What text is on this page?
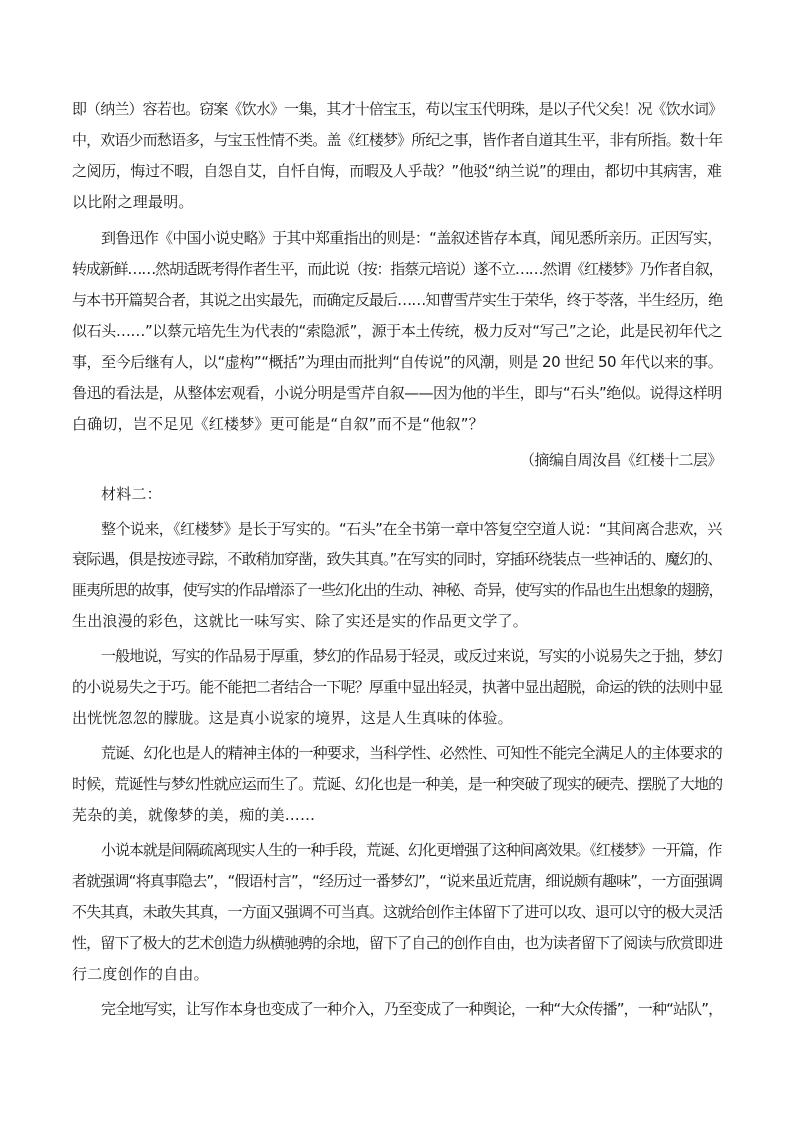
即（纳兰）容若也。窃案《饮水》一集，其才十倍宝玉，苟以宝玉代明珠，是以子代父矣！况《饮水词》
中，欢语少而愁语多，与宝玉性情不类。盖《红楼梦》所纪之事，皆作者自道其生平，非有所指。数十年
之阅历，悔过不暇，自怨自艾，自忏自悔，而暇及人乎哉？”他驳“纳兰说”的理由，都切中其病害，难
以比附之理最明。
到鲁迅作《中国小说史略》于其中郑重指出的则是：“盖叙述皆存本真，闻见悉所亲历。正因写实，
转成新鲜……然胡适既考得作者生平，而此说（按：指蔡元培说）遂不立……然谓《红楼梦》乃作者自叙，
与本书开篇契合者，其说之出实最先，而确定反最后……知曹雪芹实生于荣华，终于苓落，半生经历，绝
似石头……”以蔡元培先生为代表的“索隐派”，源于本土传统，极力反对“写己”之论，此是民初年代之
事，至今后继有人，以“虚构”“概括”为理由而批判“自传说”的风潮，则是 20 世纪 50 年代以来的事。
鲁迅的看法是，从整体宏观看，小说分明是雪芹自叙——因为他的半生，即与“石头”绝似。说得这样明
白确切，岂不足见《红楼梦》更可能是“自叙”而不是“他叙”？
（摘编自周汝昌《红楼十二层》
材料二：
整个说来，《红楼梦》是长于写实的。“石头”在全书第一章中答复空空道人说：“其间离合悲欢，兴
衰际遇，俱是按迹寻踪，不敢稍加穿凿，致失其真。”在写实的同时，穿插环绕装点一些神话的、魔幻的、
匪夷所思的故事，使写实的作品增添了一些幻化出的生动、神秘、奇异，使写实的作品也生出想象的翅膀，
生出浪漫的彩色，这就比一味写实、除了实还是实的作品更文学了。
一般地说，写实的作品易于厚重，梦幻的作品易于轻灵，或反过来说，写实的小说易失之于拙，梦幻
的小说易失之于巧。能不能把二者结合一下呢？厚重中显出轻灵，执著中显出超脱，命运的铁的法则中显
出恍恍忽忽的朦胧。这是真小说家的境界，这是人生真味的体验。
荒诞、幻化也是人的精神主体的一种要求，当科学性、必然性、可知性不能完全满足人的主体要求的
时候，荒诞性与梦幻性就应运而生了。荒诞、幻化也是一种美，是一种突破了现实的硬壳、摆脱了大地的
芜杂的美，就像梦的美，痴的美……
小说本就是间隔疏离现实人生的一种手段，荒诞、幻化更增强了这种间离效果。《红楼梦》一开篇，作
者就强调“将真事隐去”，“假语村言”，“经历过一番梦幻”，“说来虽近荒唐，细说颇有趣味”，一方面强调
不失其真，未敢失其真，一方面又强调不可当真。这就给创作主体留下了进可以攻、退可以守的极大灵活
性，留下了极大的艺术创造力纵横驰骋的余地，留下了自己的创作自由，也为读者留下了阅读与欣赏即进
行二度创作的自由。
完全地写实，让写作本身也变成了一种介入，乃至变成了一种舆论，一种“大众传播”，一种“站队”，
